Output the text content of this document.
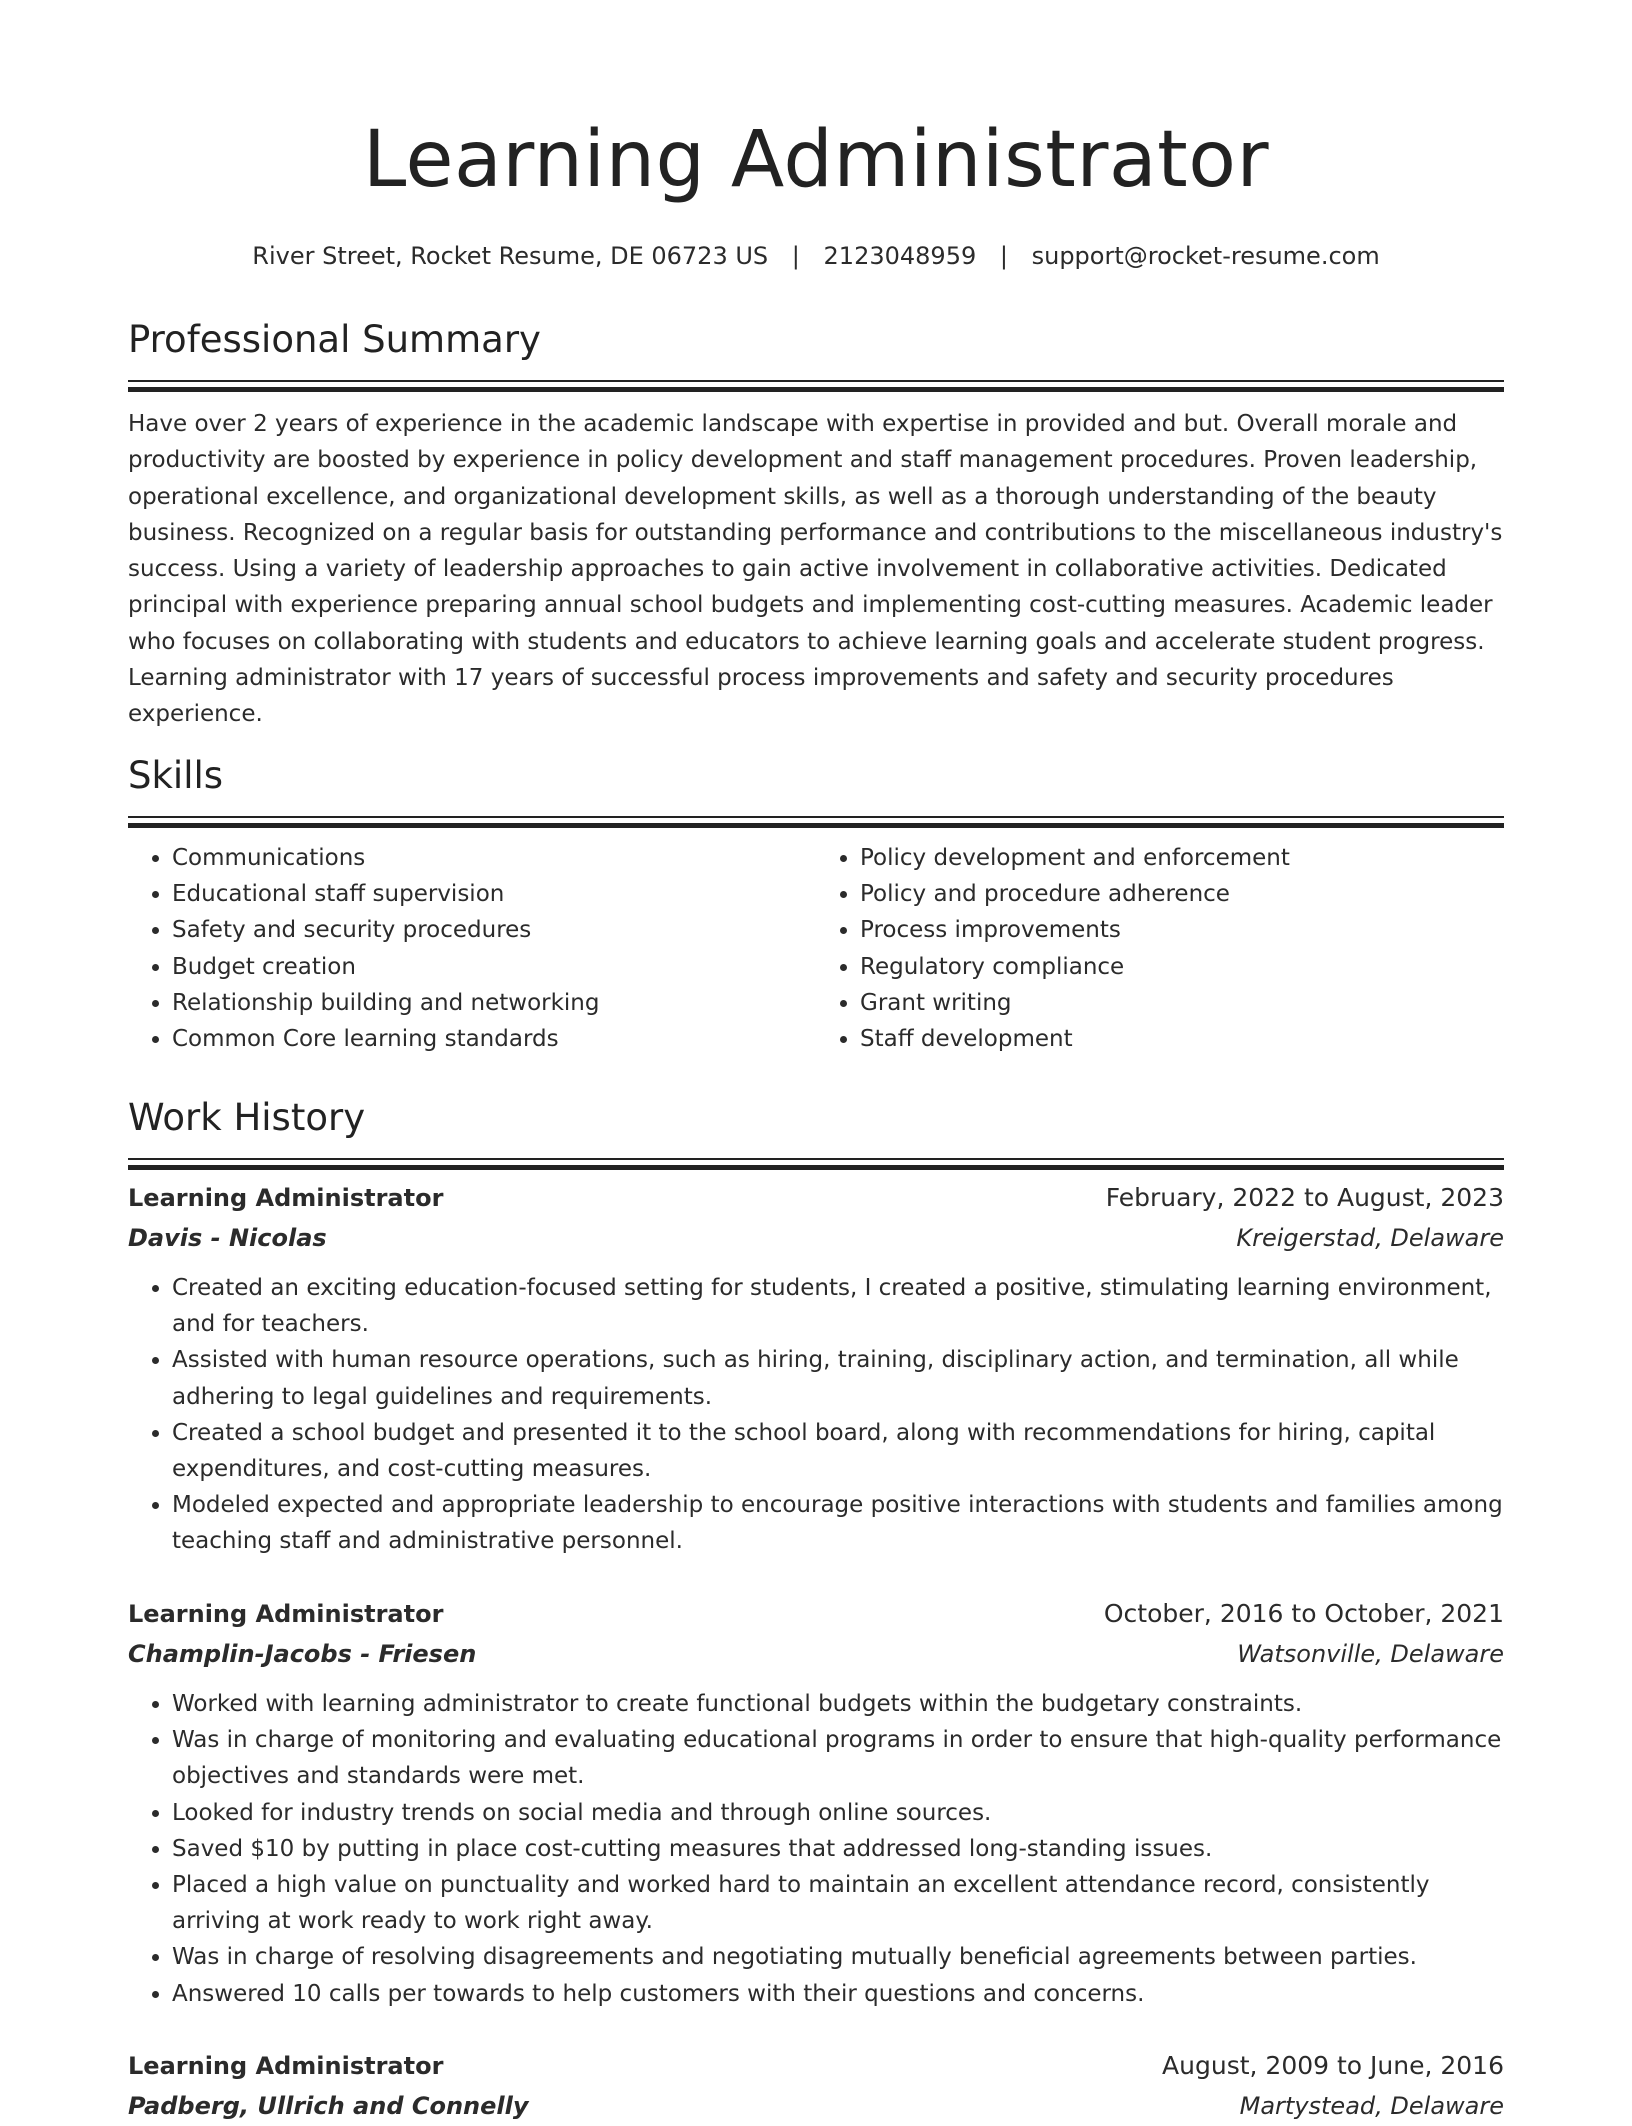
Learning Administrator
River Street, Rocket Resume, DE 06723 US | 2123048959 | support@rocket-resume.com
Professional Summary

Have over 2 years of experience in the academic landscape with expertise in provided and but. Overall morale and productivity are boosted by experience in policy development and staff management procedures. Proven leadership, operational excellence, and organizational development skills, as well as a thorough understanding of the beauty business. Recognized on a regular basis for outstanding performance and contributions to the miscellaneous industry's success. Using a variety of leadership approaches to gain active involvement in collaborative activities. Dedicated principal with experience preparing annual school budgets and implementing cost-cutting measures. Academic leader who focuses on collaborating with students and educators to achieve learning goals and accelerate student progress. Learning administrator with 17 years of successful process improvements and safety and security procedures experience.

Skills
• Communications
• Educational staff supervision
• Safety and security procedures
• Budget creation
• Relationship building and networking
• Common Core learning standards
• Policy development and enforcement
• Policy and procedure adherence
• Process improvements
• Regulatory compliance
• Grant writing
• Staff development
Work History
Learning Administrator	February, 2022 to August, 2023
Davis - Nicolas	Kreigerstad, Delaware
• Created an exciting education-focused setting for students, I created a positive, stimulating learning environment, and for teachers.
• Assisted with human resource operations, such as hiring, training, disciplinary action, and termination, all while adhering to legal guidelines and requirements.
• Created a school budget and presented it to the school board, along with recommendations for hiring, capital expenditures, and cost-cutting measures.
• Modeled expected and appropriate leadership to encourage positive interactions with students and families among teaching staff and administrative personnel.
Learning Administrator	October, 2016 to October, 2021
Champlin-Jacobs - Friesen	Watsonville, Delaware
• Worked with learning administrator to create functional budgets within the budgetary constraints.
• Was in charge of monitoring and evaluating educational programs in order to ensure that high-quality performance objectives and standards were met.
• Looked for industry trends on social media and through online sources.
• Saved $10 by putting in place cost-cutting measures that addressed long-standing issues.
• Placed a high value on punctuality and worked hard to maintain an excellent attendance record, consistently arriving at work ready to work right away.
• Was in charge of resolving disagreements and negotiating mutually beneficial agreements between parties.
• Answered 10 calls per towards to help customers with their questions and concerns.
Learning Administrator	August, 2009 to June, 2016
Padberg, Ullrich and Connelly	Martystead, Delaware
